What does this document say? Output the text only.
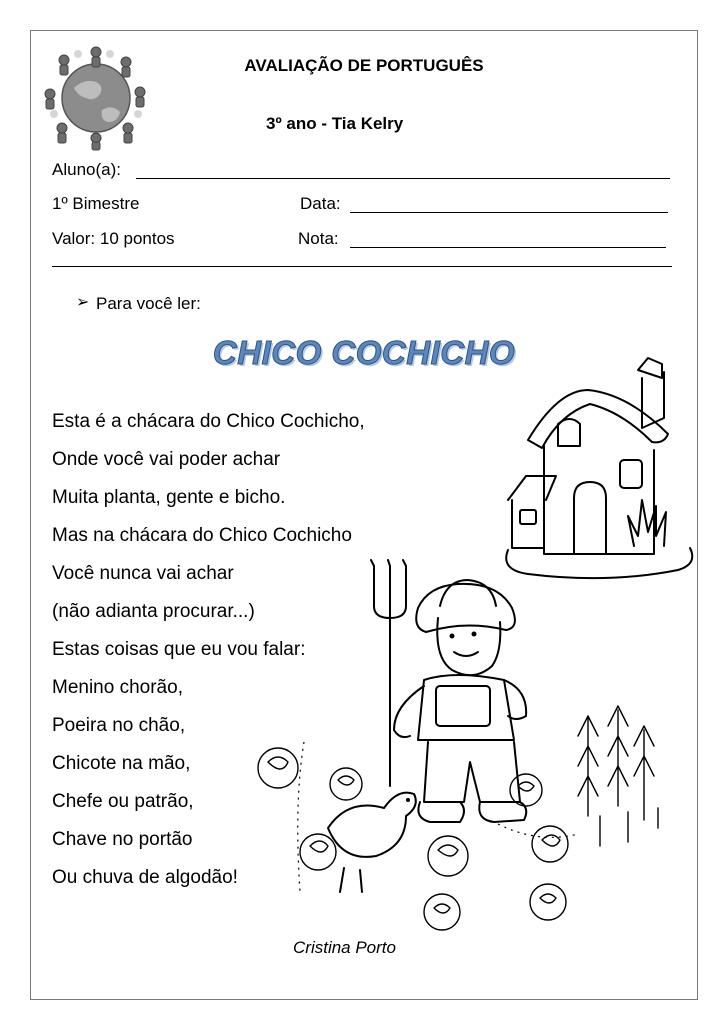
AVALIAÇÃO DE PORTUGUÊS
3º ano - Tia Kelry
Aluno(a):
1º Bimestre	Data:
Valor: 10 pontos	Nota:
➢ Para você ler:
CHICO COCHICHO
Esta é a chácara do Chico Cochicho,
Onde você vai poder achar
Muita planta, gente e bicho.
Mas na chácara do Chico Cochicho
Você nunca vai achar
(não adianta procurar...)
Estas coisas que eu vou falar:
Menino chorão,
Poeira no chão,
Chicote na mão,
Chefe ou patrão,
Chave no portão
Ou chuva de algodão!
Cristina Porto
